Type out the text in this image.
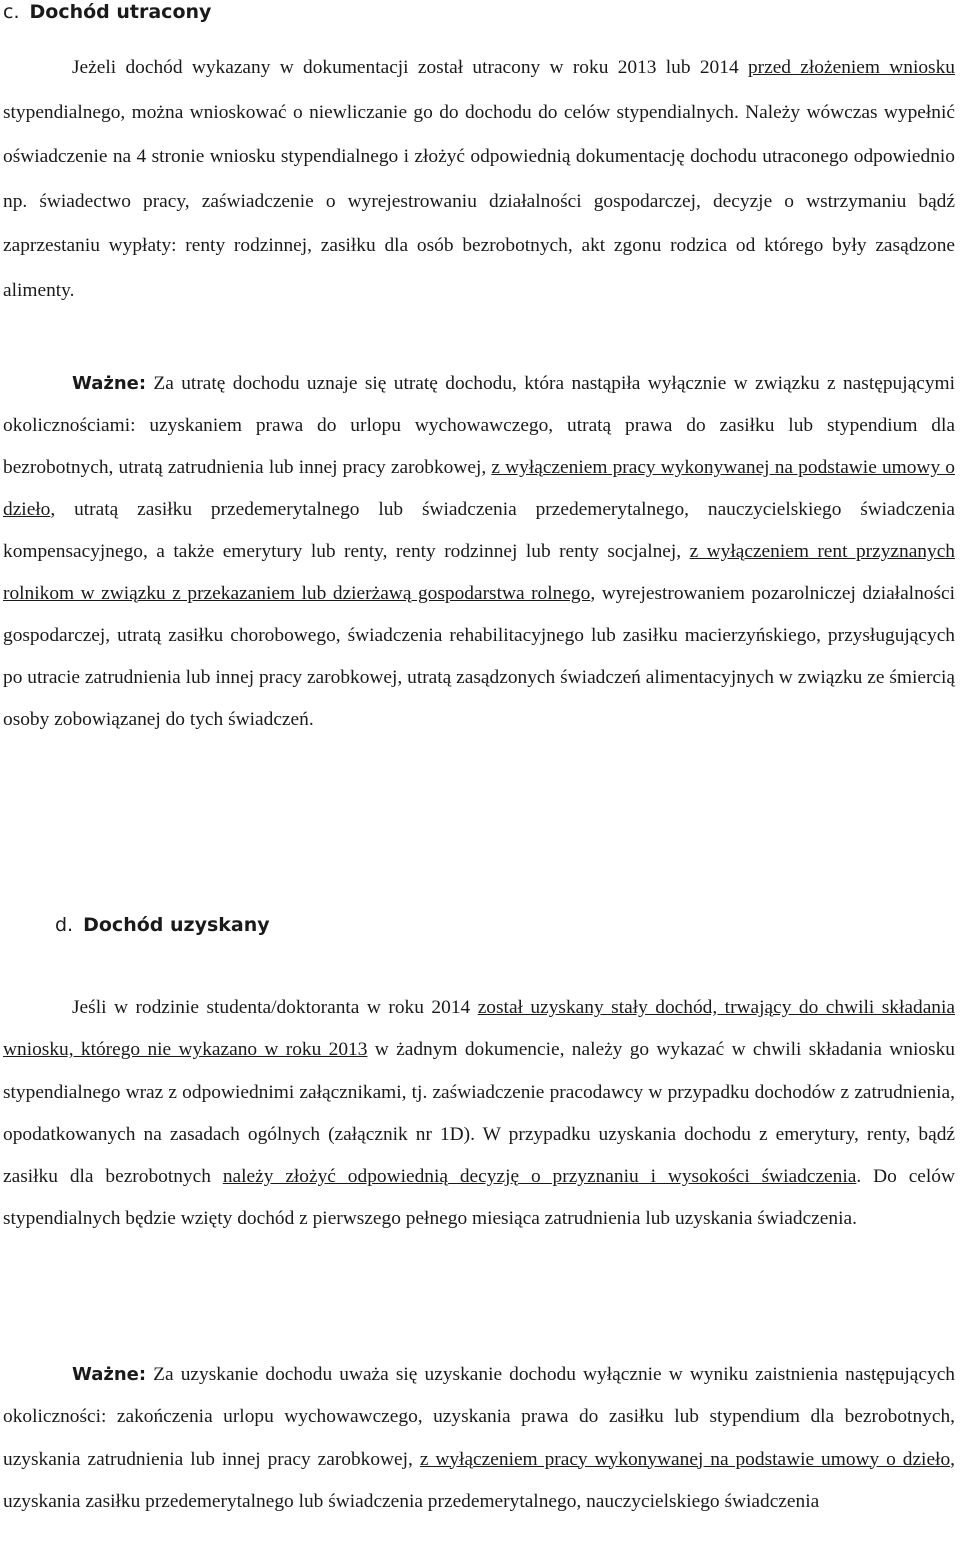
c. Dochód utracony

Jeżeli dochód wykazany w dokumentacji został utracony w roku 2013 lub 2014 przed złożeniem wniosku stypendialnego, można wnioskować o niewliczanie go do dochodu do celów stypendialnych. Należy wówczas wypełnić oświadczenie na 4 stronie wniosku stypendialnego i złożyć odpowiednią dokumentację dochodu utraconego odpowiednio np. świadectwo pracy, zaświadczenie o wyrejestrowaniu działalności gospodarczej, decyzje o wstrzymaniu bądź zaprzestaniu wypłaty: renty rodzinnej, zasiłku dla osób bezrobotnych, akt zgonu rodzica od którego były zasądzone alimenty.

Ważne: Za utratę dochodu uznaje się utratę dochodu, która nastąpiła wyłącznie w związku z następującymi okolicznościami: uzyskaniem prawa do urlopu wychowawczego, utratą prawa do zasiłku lub stypendium dla bezrobotnych, utratą zatrudnienia lub innej pracy zarobkowej, z wyłączeniem pracy wykonywanej na podstawie umowy o dzieło, utratą zasiłku przedemerytalnego lub świadczenia przedemerytalnego, nauczycielskiego świadczenia kompensacyjnego, a także emerytury lub renty, renty rodzinnej lub renty socjalnej, z wyłączeniem rent przyznanych rolnikom w związku z przekazaniem lub dzierżawą gospodarstwa rolnego, wyrejestrowaniem pozarolniczej działalności gospodarczej, utratą zasiłku chorobowego, świadczenia rehabilitacyjnego lub zasiłku macierzyńskiego, przysługujących po utracie zatrudnienia lub innej pracy zarobkowej, utratą zasądzonych świadczeń alimentacyjnych w związku ze śmiercią osoby zobowiązanej do tych świadczeń.

d. Dochód uzyskany

Jeśli w rodzinie studenta/doktoranta w roku 2014 został uzyskany stały dochód, trwający do chwili składania wniosku, którego nie wykazano w roku 2013 w żadnym dokumencie, należy go wykazać w chwili składania wniosku stypendialnego wraz z odpowiednimi załącznikami, tj. zaświadczenie pracodawcy w przypadku dochodów z zatrudnienia, opodatkowanych na zasadach ogólnych (załącznik nr 1D). W przypadku uzyskania dochodu z emerytury, renty, bądź zasiłku dla bezrobotnych należy złożyć odpowiednią decyzję o przyznaniu i wysokości świadczenia. Do celów stypendialnych będzie wzięty dochód z pierwszego pełnego miesiąca zatrudnienia lub uzyskania świadczenia.

Ważne: Za uzyskanie dochodu uważa się uzyskanie dochodu wyłącznie w wyniku zaistnienia następujących okoliczności: zakończenia urlopu wychowawczego, uzyskania prawa do zasiłku lub stypendium dla bezrobotnych, uzyskania zatrudnienia lub innej pracy zarobkowej, z wyłączeniem pracy wykonywanej na podstawie umowy o dzieło, uzyskania zasiłku przedemerytalnego lub świadczenia przedemerytalnego, nauczycielskiego świadczenia
